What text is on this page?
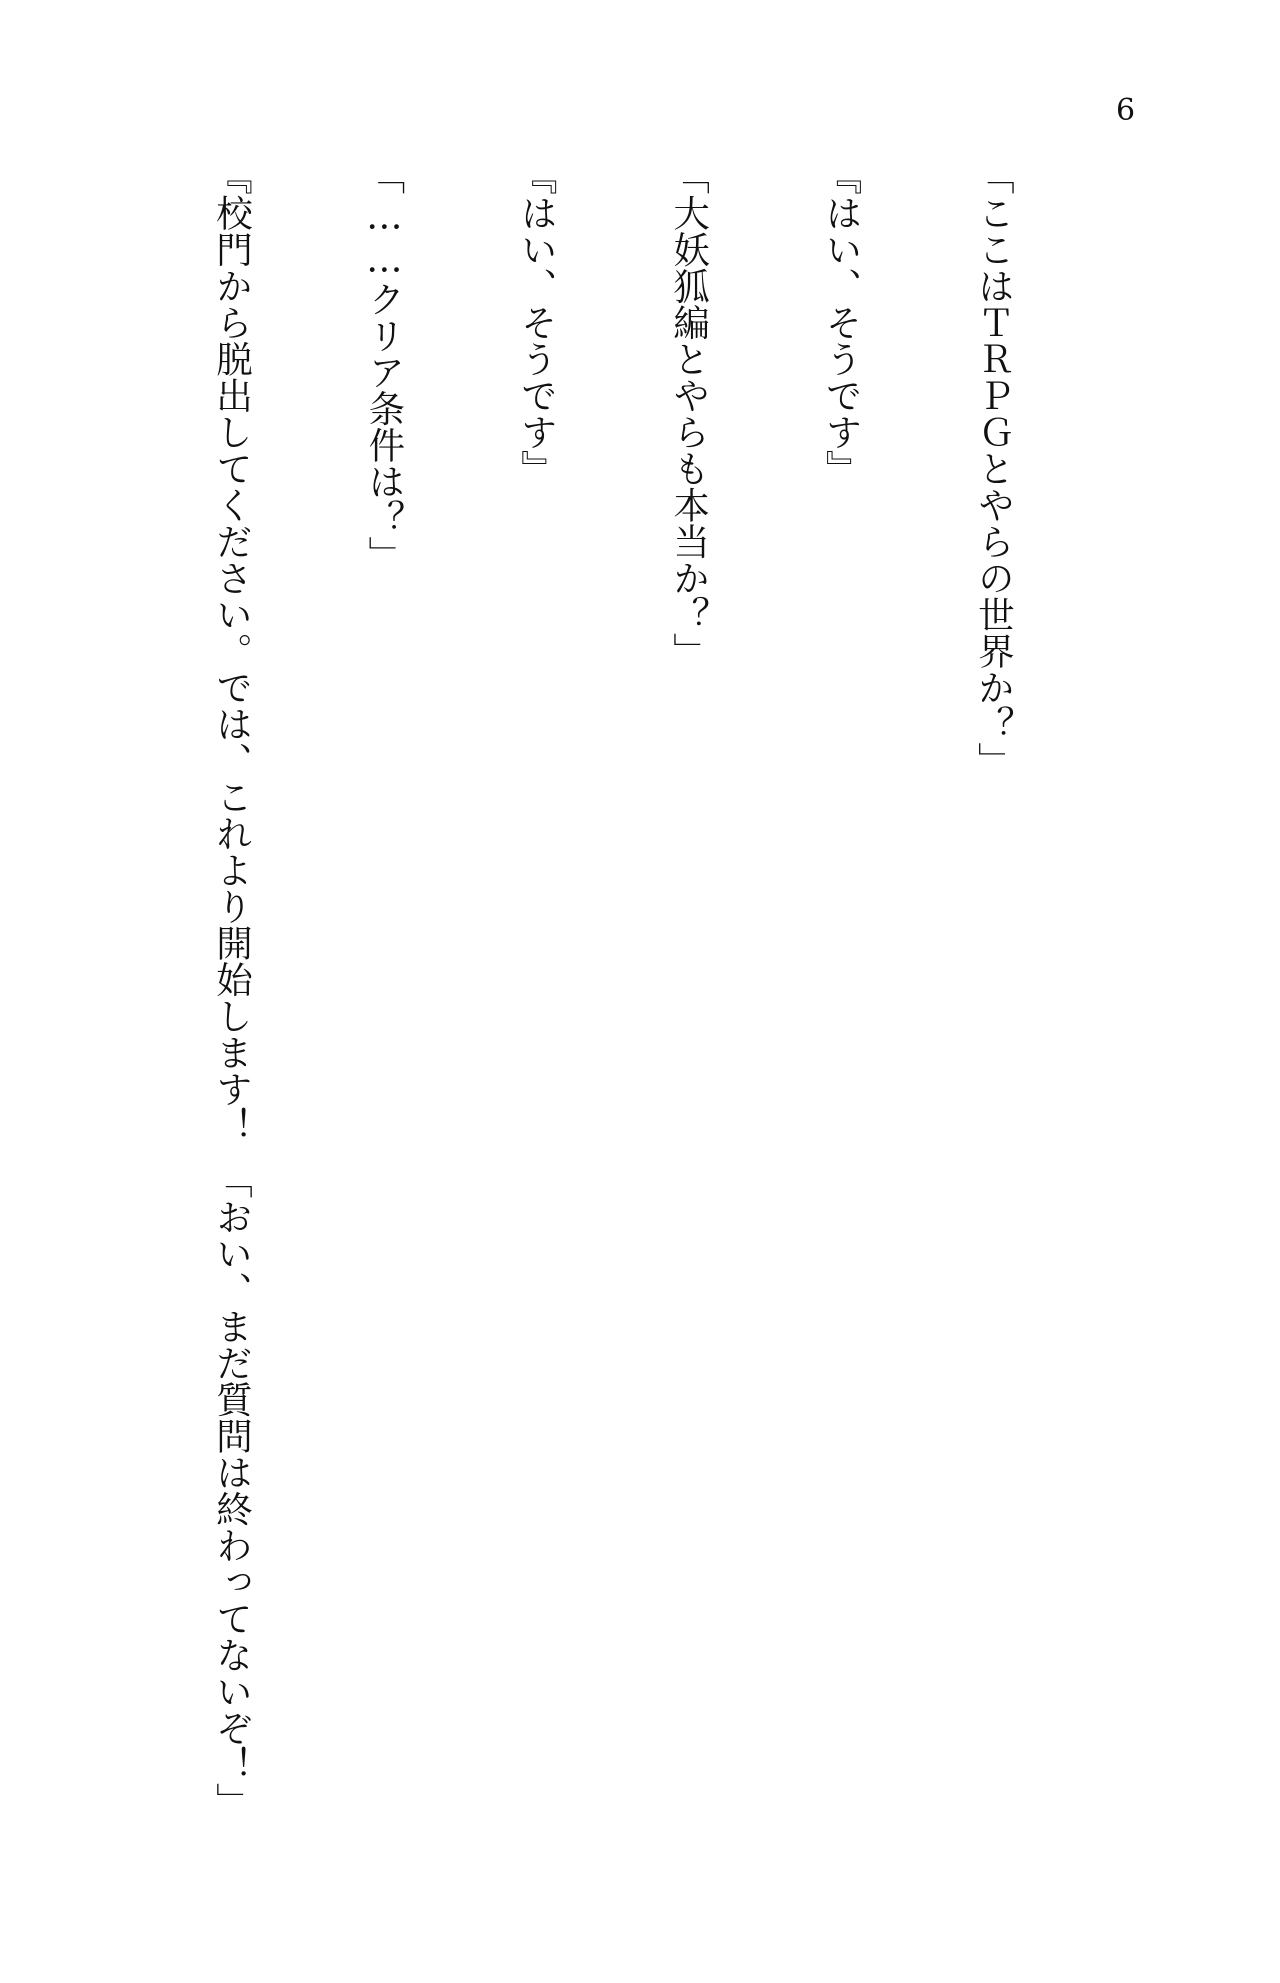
6

「ここはＴＲＰＧとやらの世界か？」

『はい、そうです』

「大妖狐編とやらも本当か？」

『はい、そうです』

「……クリア条件は？」

『校門から脱出してください。では、これより開始します！　「おい、まだ質問は終わってないぞ！」
